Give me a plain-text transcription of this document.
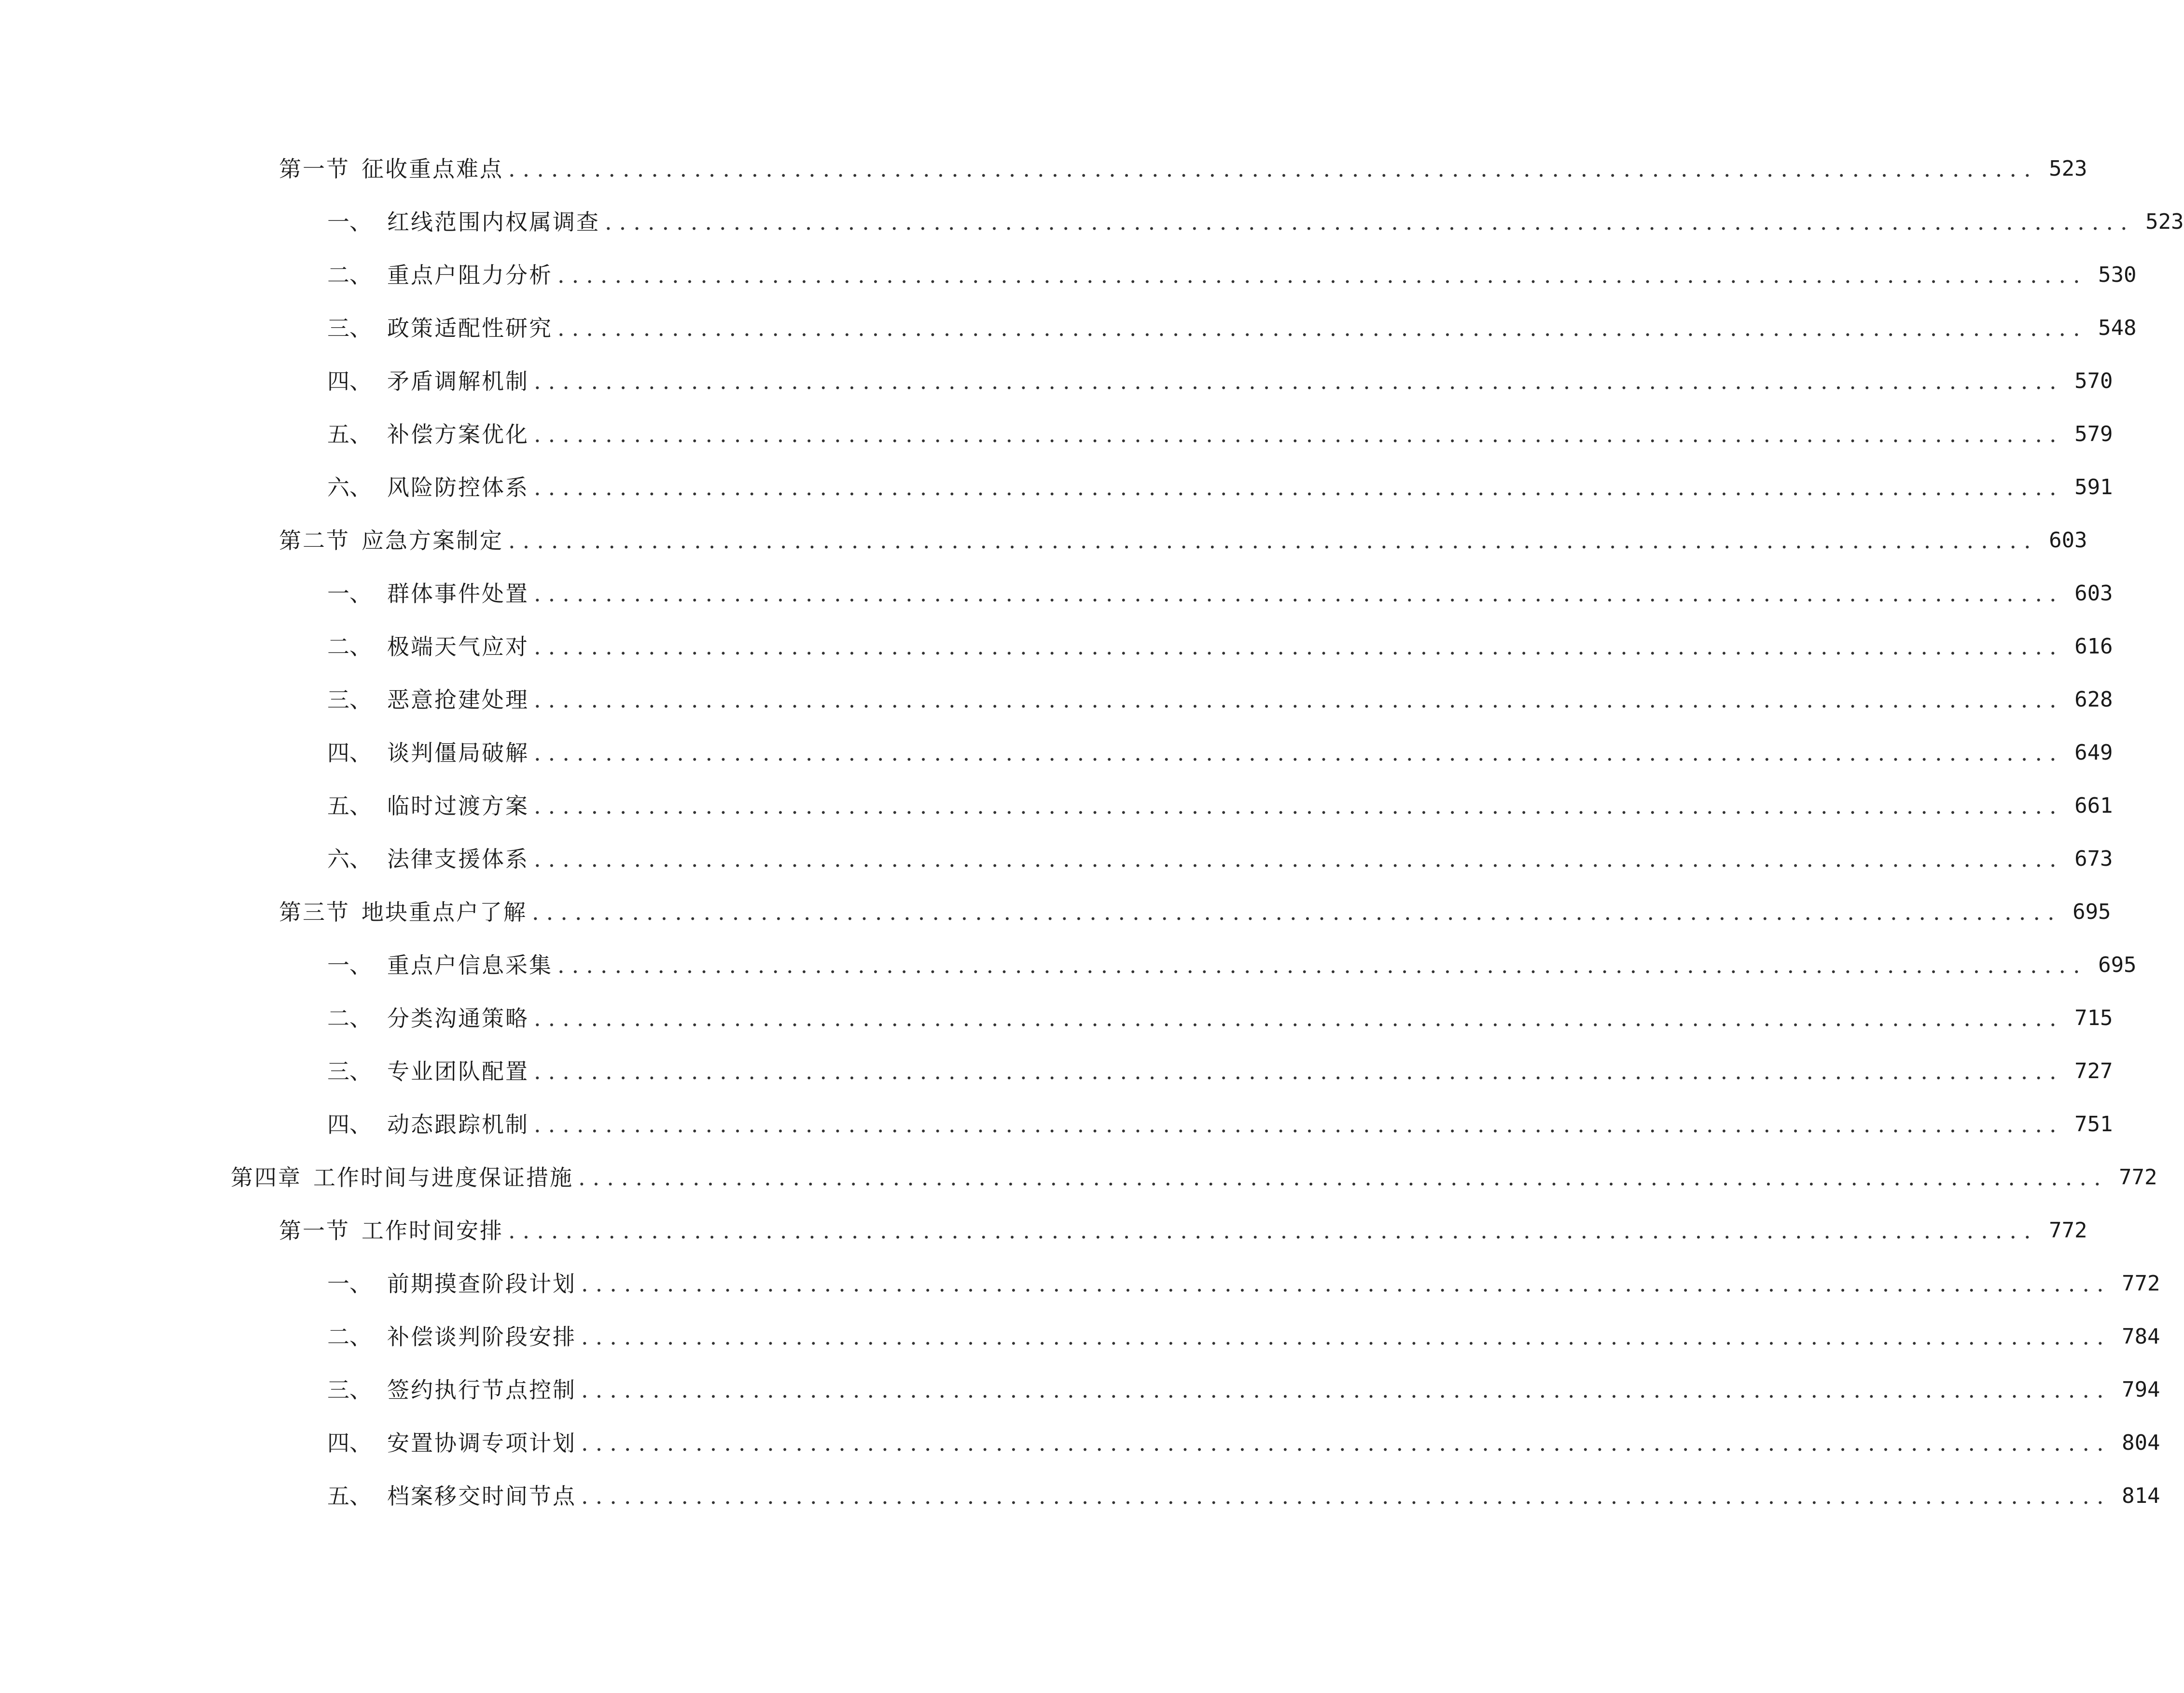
第一节 征收重点难点 ........................................................................................................... 523
一、 红线范围内权属调查 ........................................................................................................... 523
二、 重点户阻力分析 ........................................................................................................... 530
三、 政策适配性研究 ........................................................................................................... 548
四、 矛盾调解机制 ........................................................................................................... 570
五、 补偿方案优化 ........................................................................................................... 579
六、 风险防控体系 ........................................................................................................... 591
第二节 应急方案制定 ........................................................................................................... 603
一、 群体事件处置 ........................................................................................................... 603
二、 极端天气应对 ........................................................................................................... 616
三、 恶意抢建处理 ........................................................................................................... 628
四、 谈判僵局破解 ........................................................................................................... 649
五、 临时过渡方案 ........................................................................................................... 661
六、 法律支援体系 ........................................................................................................... 673
第三节 地块重点户了解 ........................................................................................................... 695
一、 重点户信息采集 ........................................................................................................... 695
二、 分类沟通策略 ........................................................................................................... 715
三、 专业团队配置 ........................................................................................................... 727
四、 动态跟踪机制 ........................................................................................................... 751
第四章 工作时间与进度保证措施 ........................................................................................................... 772
第一节 工作时间安排 ........................................................................................................... 772
一、 前期摸查阶段计划 ........................................................................................................... 772
二、 补偿谈判阶段安排 ........................................................................................................... 784
三、 签约执行节点控制 ........................................................................................................... 794
四、 安置协调专项计划 ........................................................................................................... 804
五、 档案移交时间节点 ........................................................................................................... 814
